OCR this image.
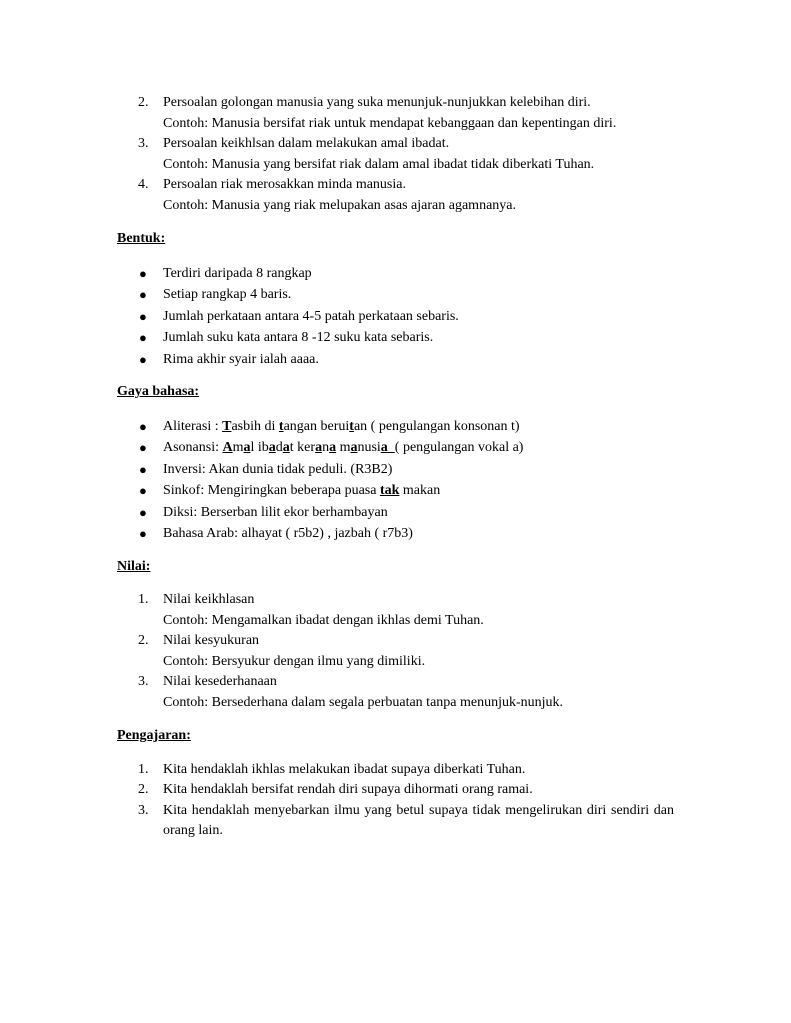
2. Persoalan golongan manusia yang suka menunjuk-nunjukkan kelebihan diri.
Contoh: Manusia bersifat riak untuk mendapat kebanggaan dan kepentingan diri.
3. Persoalan keikhlsan dalam melakukan amal ibadat.
Contoh: Manusia yang bersifat riak dalam amal ibadat tidak diberkati Tuhan.
4. Persoalan riak merosakkan minda manusia.
Contoh: Manusia yang riak melupakan asas ajaran agamnanya.

Bentuk:

● Terdiri daripada 8 rangkap
● Setiap rangkap 4 baris.
● Jumlah perkataan antara 4-5 patah perkataan sebaris.
● Jumlah suku kata antara 8 -12 suku kata sebaris.
● Rima akhir syair ialah aaaa.

Gaya bahasa:

● Aliterasi : Tasbih di tangan beruitan ( pengulangan konsonan t)
● Asonansi: Amal ibadat kerana manusia ( pengulangan vokal a)
● Inversi: Akan dunia tidak peduli. (R3B2)
● Sinkof: Mengiringkan beberapa puasa tak makan
● Diksi: Berserban lilit ekor berhambayan
● Bahasa Arab: alhayat ( r5b2) , jazbah ( r7b3)

Nilai:

1. Nilai keikhlasan
Contoh: Mengamalkan ibadat dengan ikhlas demi Tuhan.
2. Nilai kesyukuran
Contoh: Bersyukur dengan ilmu yang dimiliki.
3. Nilai kesederhanaan
Contoh: Bersederhana dalam segala perbuatan tanpa menunjuk-nunjuk.

Pengajaran:

1. Kita hendaklah ikhlas melakukan ibadat supaya diberkati Tuhan.
2. Kita hendaklah bersifat rendah diri supaya dihormati orang ramai.
3. Kita hendaklah menyebarkan ilmu yang betul supaya tidak mengelirukan diri sendiri dan orang lain.
